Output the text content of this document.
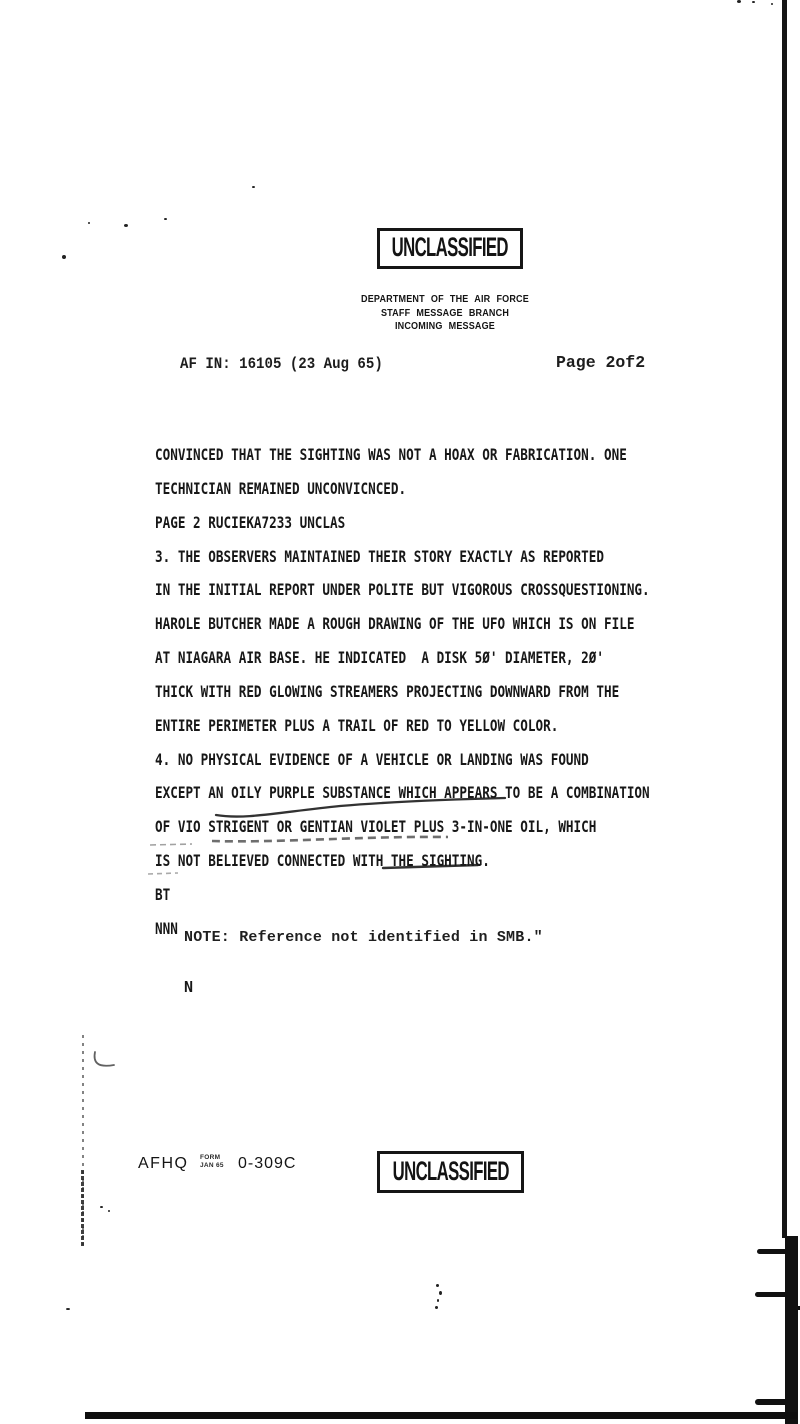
UNCLASSIFIED
DEPARTMENT OF THE AIR FORCE
STAFF MESSAGE BRANCH
INCOMING MESSAGE
AF IN: 16105 (23 Aug 65)	Page 2of2
CONVINCED THAT THE SIGHTING WAS NOT A HOAX OR FABRICATION. ONE
TECHNICIAN REMAINED UNCONVICNCED.
PAGE 2 RUCIEKA7233 UNCLAS
3. THE OBSERVERS MAINTAINED THEIR STORY EXACTLY AS REPORTED
IN THE INITIAL REPORT UNDER POLITE BUT VIGOROUS CROSSQUESTIONING.
HAROLE BUTCHER MADE A ROUGH DRAWING OF THE UFO WHICH IS ON FILE
AT NIAGARA AIR BASE. HE INDICATED  A DISK 5Ø' DIAMETER, 2Ø'
THICK WITH RED GLOWING STREAMERS PROJECTING DOWNWARD FROM THE
ENTIRE PERIMETER PLUS A TRAIL OF RED TO YELLOW COLOR.
4. NO PHYSICAL EVIDENCE OF A VEHICLE OR LANDING WAS FOUND
EXCEPT AN OILY PURPLE SUBSTANCE WHICH APPEARS TO BE A COMBINATION
OF VIO STRIGENT OR GENTIAN VIOLET PLUS 3-IN-ONE OIL, WHICH
IS NOT BELIEVED CONNECTED WITH THE SIGHTING.
BT
NNN NOTE: Reference not identified in SMB."
N
AFHQ FORM
JAN 65 0-309C	UNCLASSIFIED
